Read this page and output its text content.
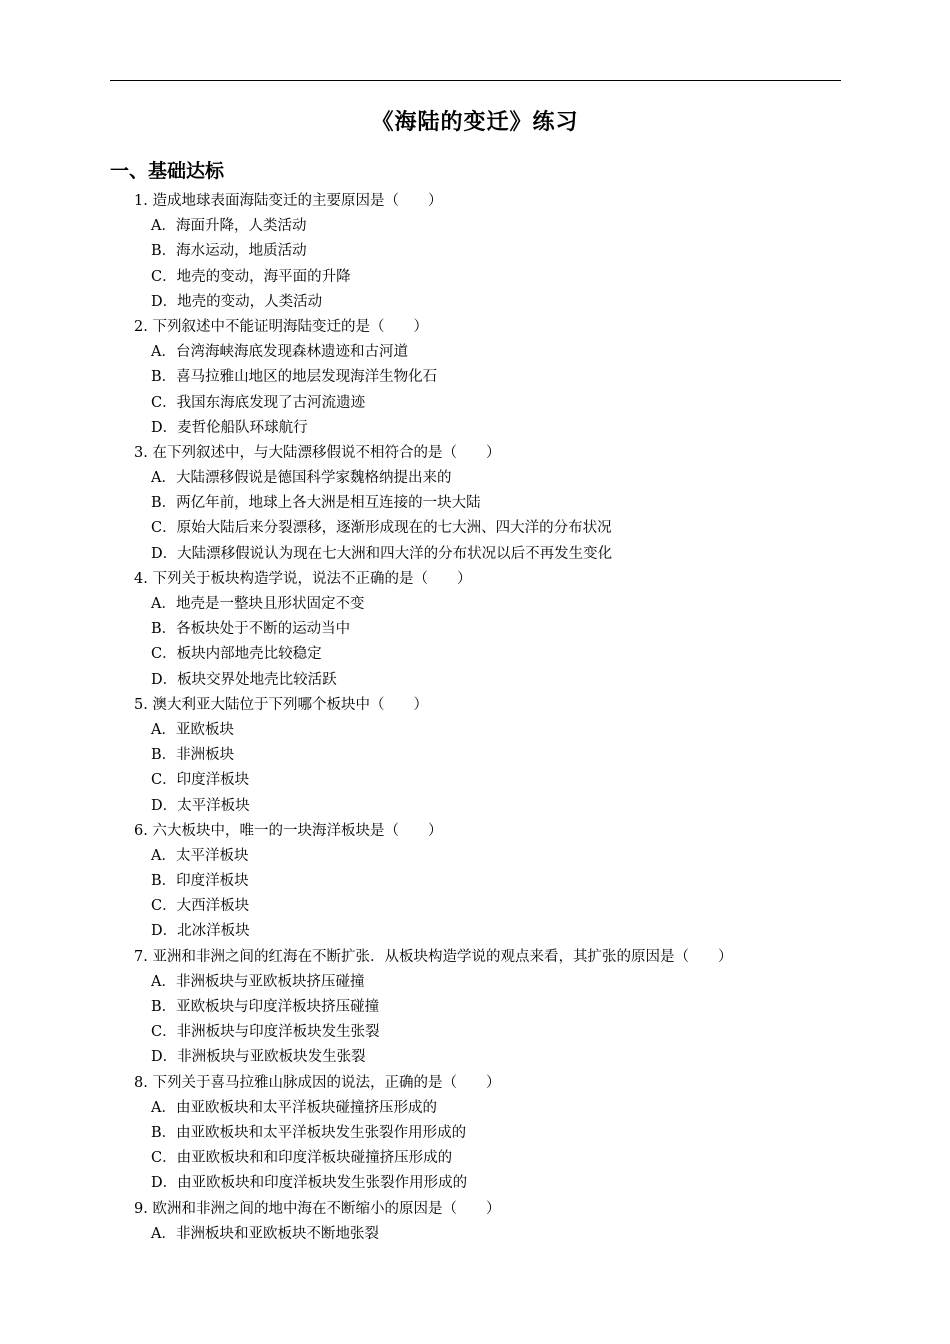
《海陆的变迁》练习
一、基础达标
1. 造成地球表面海陆变迁的主要原因是（　　）
A．海面升降，人类活动
B．海水运动，地质活动
C．地壳的变动，海平面的升降
D．地壳的变动，人类活动
2. 下列叙述中不能证明海陆变迁的是（　　）
A．台湾海峡海底发现森林遗迹和古河道
B．喜马拉雅山地区的地层发现海洋生物化石
C．我国东海底发现了古河流遗迹
D．麦哲伦船队环球航行
3. 在下列叙述中，与大陆漂移假说不相符合的是（　　）
A．大陆漂移假说是德国科学家魏格纳提出来的
B．两亿年前，地球上各大洲是相互连接的一块大陆
C．原始大陆后来分裂漂移，逐渐形成现在的七大洲、四大洋的分布状况
D．大陆漂移假说认为现在七大洲和四大洋的分布状况以后不再发生变化
4. 下列关于板块构造学说，说法不正确的是（　　）
A．地壳是一整块且形状固定不变
B．各板块处于不断的运动当中
C．板块内部地壳比较稳定
D．板块交界处地壳比较活跃
5. 澳大利亚大陆位于下列哪个板块中（　　）
A．亚欧板块
B．非洲板块
C．印度洋板块
D．太平洋板块
6. 六大板块中，唯一的一块海洋板块是（　　）
A．太平洋板块
B．印度洋板块
C．大西洋板块
D．北冰洋板块
7. 亚洲和非洲之间的红海在不断扩张．从板块构造学说的观点来看，其扩张的原因是（　　）
A．非洲板块与亚欧板块挤压碰撞
B．亚欧板块与印度洋板块挤压碰撞
C．非洲板块与印度洋板块发生张裂
D．非洲板块与亚欧板块发生张裂
8. 下列关于喜马拉雅山脉成因的说法，正确的是（　　）
A．由亚欧板块和太平洋板块碰撞挤压形成的
B．由亚欧板块和太平洋板块发生张裂作用形成的
C．由亚欧板块和和印度洋板块碰撞挤压形成的
D．由亚欧板块和印度洋板块发生张裂作用形成的
9. 欧洲和非洲之间的地中海在不断缩小的原因是（　　）
A．非洲板块和亚欧板块不断地张裂
